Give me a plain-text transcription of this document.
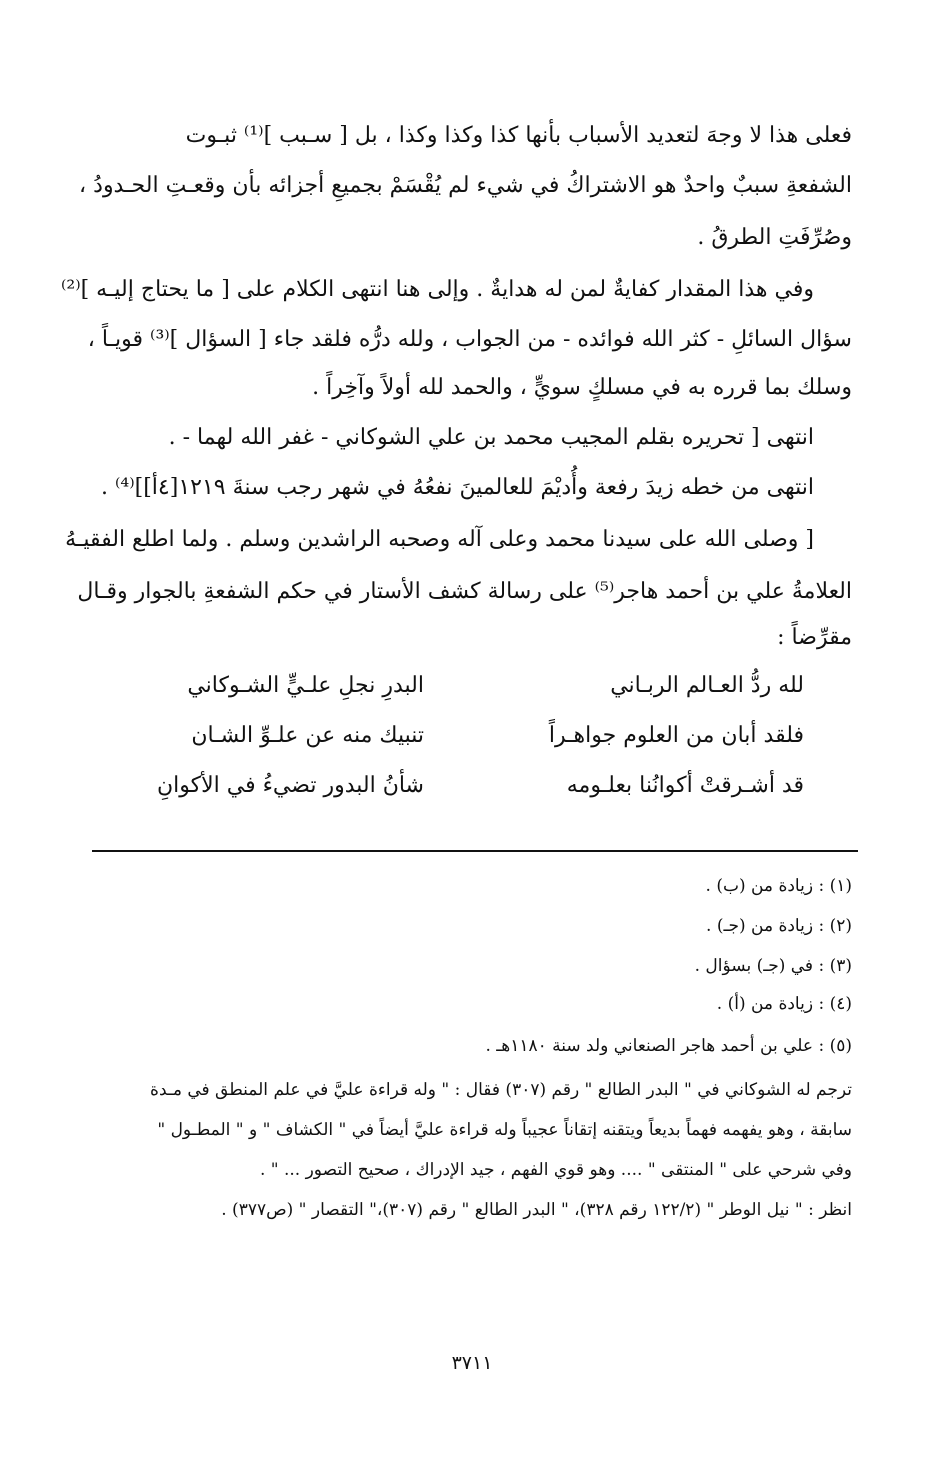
فعلى هذا لا وجهَ لتعديد الأسباب بأنها كذا وكذا وكذا ، بل [ سـبب ]⁽¹⁾ ثبـوت
الشفعةِ سببٌ واحدٌ هو الاشتراكُ في شيء لم يُقْسَمْ بجميعِ أجزائه بأن وقعـتِ الحـدودُ ،
وصُرِّفَتِ الطرقُ .
وفي هذا المقدار كفايةٌ لمن له هدايةٌ . وإلى هنا انتهى الكلام على [ ما يحتاج إليـه ]⁽²⁾
سؤال السائلِ - كثر الله فوائده - من الجواب ، ولله درُّه فلقد جاء [ السؤال ]⁽³⁾ قويـاً ،
وسلك بما قرره به في مسلكٍ سويٍّ ، والحمد لله أولاً وآخِراً .
انتهى [ تحريره بقلم المجيب محمد بن علي الشوكاني - غفر الله لهما - .
انتهى من خطه زيدَ رفعة وأُديْمَ للعالمينَ نفعُهُ في شهر رجب سنةَ ١٢١٩[٤أ]]⁽⁴⁾ .
[ وصلى الله على سيدنا محمد وعلى آله وصحبه الراشدين وسلم . ولما اطلع الفقيـهُ
العلامةُ علي بن أحمد هاجر⁽⁵⁾ على رسالة كشف الأستار في حكم الشفعةِ بالجوار وقـال
مقرِّضاً :
لله ردُّ العـالم الربـاني
البدرِ نجلِ علـيٍّ الشـوكاني
فلقد أبان من العلوم جواهـراً
تنبيك منه عن علـوِّ الشـان
قد أشـرقتْ أكوانُنا بعلـومه
شأنُ البدور تضيءُ في الأكوانِ
(١) : زيادة من (ب) .
(٢) : زيادة من (جـ) .
(٣) : في (جـ) بسؤال .
(٤) : زيادة من (أ) .
(٥) : علي بن أحمد هاجر الصنعاني ولد سنة ١١٨٠هـ .
ترجم له الشوكاني في " البدر الطالع " رقم (٣٠٧) فقال : " وله قراءة عليَّ في علم المنطق في مـدة
سابقة ، وهو يفهمه فهماً بديعاً ويتقنه إتقاناً عجيباً وله قراءة عليَّ أيضاً في " الكشاف " و " المطـول "
وفي شرحي على " المنتقى " .... وهو قوي الفهم ، جيد الإدراك ، صحيح التصور ... " .
انظر : " نيل الوطر " (١٢٢/٢ رقم ٣٢٨)، " البدر الطالع " رقم (٣٠٧)،" التقصار " (ص٣٧٧) .
٣٧١١
